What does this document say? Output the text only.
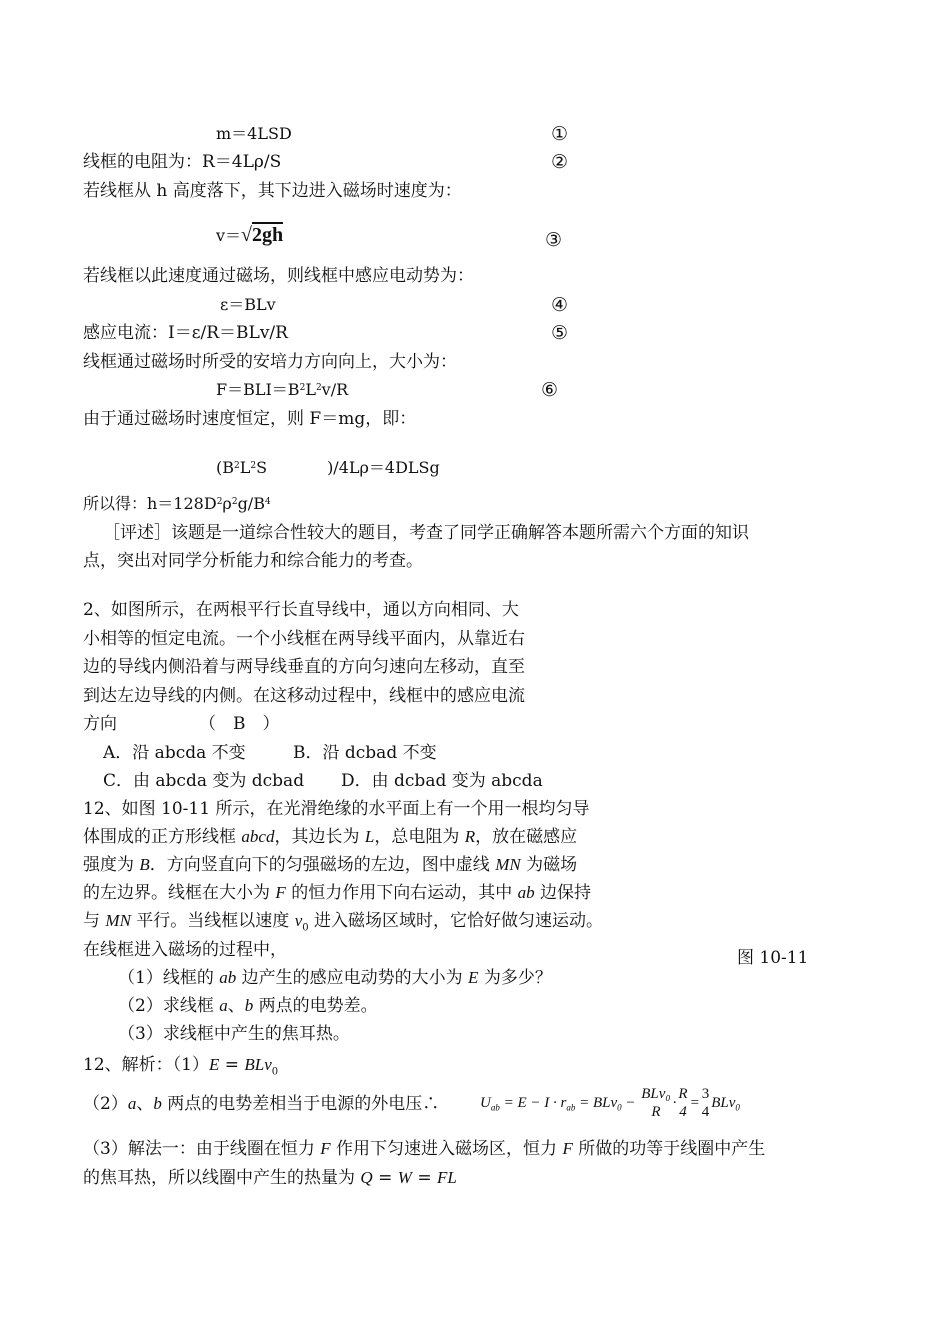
m＝4LSD	①
线框的电阻为：R＝4Lρ/S	②
若线框从 h 高度落下，其下边进入磁场时速度为：
v＝√2gh	③
若线框以此速度通过磁场，则线框中感应电动势为：
ε＝BLv	④
感应电流：I＝ε/R＝BLv/R	⑤
线框通过磁场时所受的安培力方向向上，大小为：
$F=BLI=B^2L^2v/R$	⑥
由于通过磁场时速度恒定，则 F＝mg，即：
($B^2L^2S$	)/4Lρ＝4DLSg
所以得：$h=128D^2\rho^2g/B^4$
［评述］该题是一道综合性较大的题目，考查了同学正确解答本题所需六个方面的知识
点，突出对同学分析能力和综合能力的考查。
2、如图所示，在两根平行长直导线中，通以方向相同、大
小相等的恒定电流。一个小线框在两导线平面内，从靠近右
边的导线内侧沿着与两导线垂直的方向匀速向左移动，直至
到达左边导线的内侧。在这移动过程中，线框中的感应电流
方向	（　B　）
A．沿 abcda 不变	B．沿 dcbad 不变
C．由 abcda 变为 dcbad D．由 dcbad 变为 abcda
12、如图 10-11 所示，在光滑绝缘的水平面上有一个用一根均匀导
体围成的正方形线框 abcd，其边长为 L，总电阻为 R，放在磁感应
强度为 B．方向竖直向下的匀强磁场的左边，图中虚线 MN 为磁场
的左边界。线框在大小为 F 的恒力作用下向右运动，其中 ab 边保持
与 MN 平行。当线框以速度 $v_0$ 进入磁场区域时，它恰好做匀速运动。
在线框进入磁场的过程中，	图 10-11
（1）线框的 ab 边产生的感应电动势的大小为 E 为多少？
（2）求线框 a、b 两点的电势差。
（3）求线框中产生的焦耳热。
12、解析：（1）E = BLv$_0$
（2）a、b 两点的电势差相当于电源的外电压∴	$U_{ab} = E - I \cdot r_{ab} = BLv_0$ −
BLv₀
R
·
R
4
=
3
4
BLv$_0$
（3）解法一：由于线圈在恒力 F 作用下匀速进入磁场区，恒力 F 所做的功等于线圈中产生
的焦耳热，所以线圈中产生的热量为 Q = W = FL
